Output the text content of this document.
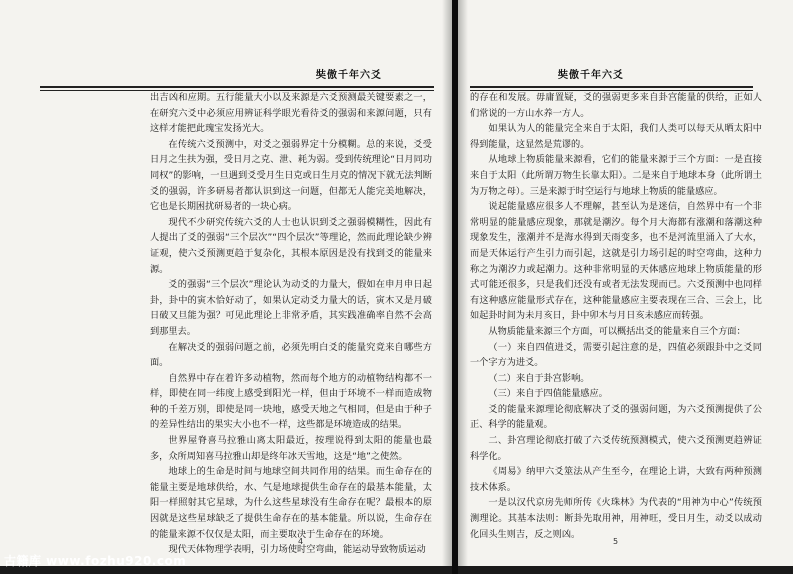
奘傲千年六爻

出吉凶和应期。五行能量大小以及来源是六爻预测最关键要素之一，在研究六爻中必须应用辨证科学眼光看待爻的强弱和来源问题，只有这样才能把此瑰宝发扬光大。

在传统六爻预测中，对爻之强弱界定十分模糊。总的来说，爻受日月之生扶为强，受日月之克、泄、耗为弱。受到传统理论“日月同功同权”的影响，一旦遇到爻受月生日克或日生月克的情况下就无法判断爻的强弱，许多研易者都认识到这一问题，但都无人能完美地解决，它也是长期困扰研易者的一块心病。

现代不少研究传统六爻的人士也认识到爻之强弱模糊性，因此有人提出了爻的强弱“三个层次”“四个层次”等理论，然而此理论缺少辨证观，使六爻预测更趋于复杂化，其根本原因是没有找到爻的能量来源。

爻的强弱“三个层次”理论认为动爻的力量大，假如在申月申日起卦，卦中的寅木恰好动了，如果认定动爻力量大的话，寅木又是月破日破又旦能为强？可见此理论上非常矛盾，其实践准确率自然不会高到那里去。

在解决爻的强弱问题之前，必须先明白爻的能量究竟来自哪些方面。

自然界中存在着许多动植物，然而每个地方的动植物结构都不一样，即使在同一纬度上感受到阳光一样，但由于环境不一样而造成物种的千差万别，即使是同一块地，感受天地之气相同，但是由于种子的差异性结出的果实大小也不一样，这些都是环境造成的结果。

世界屋脊喜马拉雅山离太阳最近，按理说得到太阳的能量也最多，众所周知喜马拉雅山却是终年冰天雪地，这是“地”之使然。

地球上的生命是时间与地球空间共同作用的结果。而生命存在的能量主要是地球供给，水、气是地球提供生命存在的最基本能量，太阳一样照射其它星球，为什么这些星球没有生命存在呢？最根本的原因就是这些星球缺乏了提供生命存在的基本能量。所以说，生命存在的能量来源不仅仅是太阳，而主要取决于生命存在的环境。

现代天体物理学表明，引力场使时空弯曲，能运动导致物质运动

4
奘傲千年六爻

的存在和发展。毋庸置疑，爻的强弱更多来自卦宫能量的供给，正如人们常说的一方山水养一方人。

如果认为人的能量完全来自于太阳，我们人类可以每天从晒太阳中得到能量，这显然是荒谬的。

从地球上物质能量来源看，它们的能量来源于三个方面：一是直接来自于太阳（此所谓万物生长靠太阳）。二是来自于地球本身（此所谓土为万物之母）。三是来源于时空运行与地球上物质的能量感应。

说起能量感应很多人不理解，甚至认为是迷信，自然界中有一个非常明显的能量感应现象，那就是潮汐。每个月大海都有涨潮和落潮这种现象发生，涨潮并不是海水得到天雨变多，也不是河流里涌入了大水，而是天体运行产生引力而引起，这就是引力场引起的时空弯曲，这种力称之为潮汐力或起潮力。这种非常明显的天体感应地球上物质能量的形式可能还很多，只是我们还没有或者无法发现而已。六爻预测中也同样有这种感应能量形式存在，这种能量感应主要表现在三合、三会上，比如起卦时间为未月亥日，卦中卯木与月日亥未感应而转强。

从物质能量来源三个方面，可以概括出爻的能量来自三个方面：

（一）来自四值进爻，需要引起注意的是，四值必须跟卦中之爻同一个字方为进爻。

（二）来自于卦宫影响。

（三）来自于四值能量感应。

爻的能量来源理论彻底解决了爻的强弱问题，为六爻预测提供了公正、科学的能量观。

二、卦宫理论彻底打破了六爻传统预测模式，使六爻预测更趋辨证科学化。

《周易》纳甲六爻筮法从产生至今，在理论上讲，大致有两种预测技术体系。

一是以汉代京房先师所传《火珠林》为代表的“用神为中心”传统预测理论。其基本法则：断卦先取用神，用神旺，受日月生，动爻以成动化回头生则吉，反之则凶。

5
古籍库 www.fozhu920.com
